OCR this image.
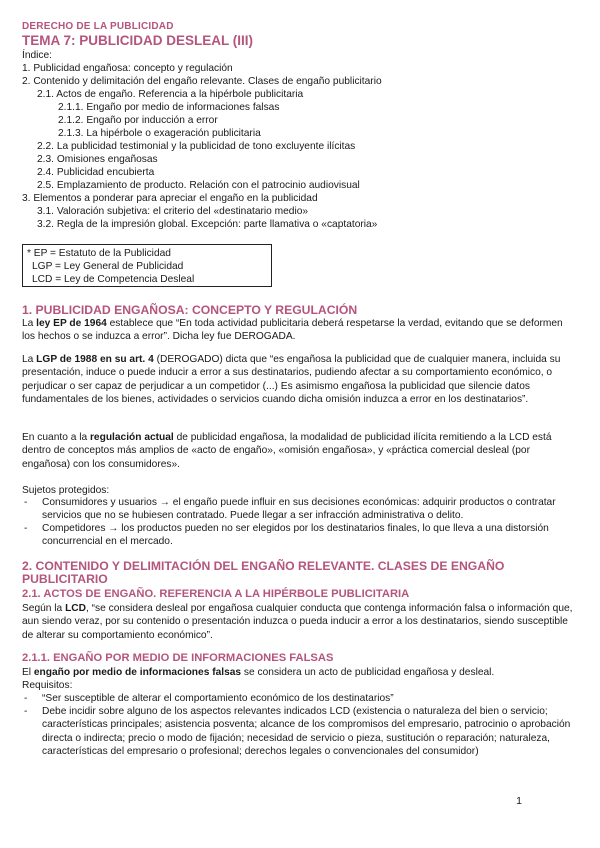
DERECHO DE LA PUBLICIDAD
TEMA 7: PUBLICIDAD DESLEAL (III)
Índice:
1. Publicidad engañosa: concepto y regulación
2. Contenido y delimitación del engaño relevante. Clases de engaño publicitario
2.1. Actos de engaño. Referencia a la hipérbole publicitaria
2.1.1. Engaño por medio de informaciones falsas
2.1.2. Engaño por inducción a error
2.1.3. La hipérbole o exageración publicitaria
2.2. La publicidad testimonial y la publicidad de tono excluyente ilícitas
2.3. Omisiones engañosas
2.4. Publicidad encubierta
2.5. Emplazamiento de producto. Relación con el patrocinio audiovisual
3. Elementos a ponderar para apreciar el engaño en la publicidad
3.1. Valoración subjetiva: el criterio del «destinatario medio»
3.2. Regla de la impresión global. Excepción: parte llamativa o «captatoria»
* EP = Estatuto de la Publicidad
LGP = Ley General de Publicidad
LCD = Ley de Competencia Desleal
1. PUBLICIDAD ENGAÑOSA: CONCEPTO Y REGULACIÓN
La ley EP de 1964 establece que “En toda actividad publicitaria deberá respetarse la verdad, evitando que se deformen los hechos o se induzca a error”. Dicha ley fue DEROGADA.
La LGP de 1988 en su art. 4 (DEROGADO) dicta que “es engañosa la publicidad que de cualquier manera, incluida su presentación, induce o puede inducir a error a sus destinatarios, pudiendo afectar a su comportamiento económico, o perjudicar o ser capaz de perjudicar a un competidor (...) Es asimismo engañosa la publicidad que silencie datos fundamentales de los bienes, actividades o servicios cuando dicha omisión induzca a error en los destinatarios”.
En cuanto a la regulación actual de publicidad engañosa, la modalidad de publicidad ilícita remitiendo a la LCD está dentro de conceptos más amplios de «acto de engaño», «omisión engañosa», y «práctica comercial desleal (por engañosa) con los consumidores».
Sujetos protegidos:
- Consumidores y usuarios → el engaño puede influir en sus decisiones económicas: adquirir productos o contratar servicios que no se hubiesen contratado. Puede llegar a ser infracción administrativa o delito.
- Competidores → los productos pueden no ser elegidos por los destinatarios finales, lo que lleva a una distorsión concurrencial en el mercado.
2. CONTENIDO Y DELIMITACIÓN DEL ENGAÑO RELEVANTE. CLASES DE ENGAÑO PUBLICITARIO
2.1. ACTOS DE ENGAÑO. REFERENCIA A LA HIPÉRBOLE PUBLICITARIA
Según la LCD, “se considera desleal por engañosa cualquier conducta que contenga información falsa o información que, aun siendo veraz, por su contenido o presentación induzca o pueda inducir a error a los destinatarios, siendo susceptible de alterar su comportamiento económico”.
2.1.1. ENGAÑO POR MEDIO DE INFORMACIONES FALSAS
El engaño por medio de informaciones falsas se considera un acto de publicidad engañosa y desleal.
Requisitos:
- “Ser susceptible de alterar el comportamiento económico de los destinatarios”
- Debe incidir sobre alguno de los aspectos relevantes indicados LCD (existencia o naturaleza del bien o servicio; características principales; asistencia posventa; alcance de los compromisos del empresario, patrocinio o aprobación directa o indirecta; precio o modo de fijación; necesidad de servicio o pieza, sustitución o reparación; naturaleza, características del empresario o profesional; derechos legales o convencionales del consumidor)
1
